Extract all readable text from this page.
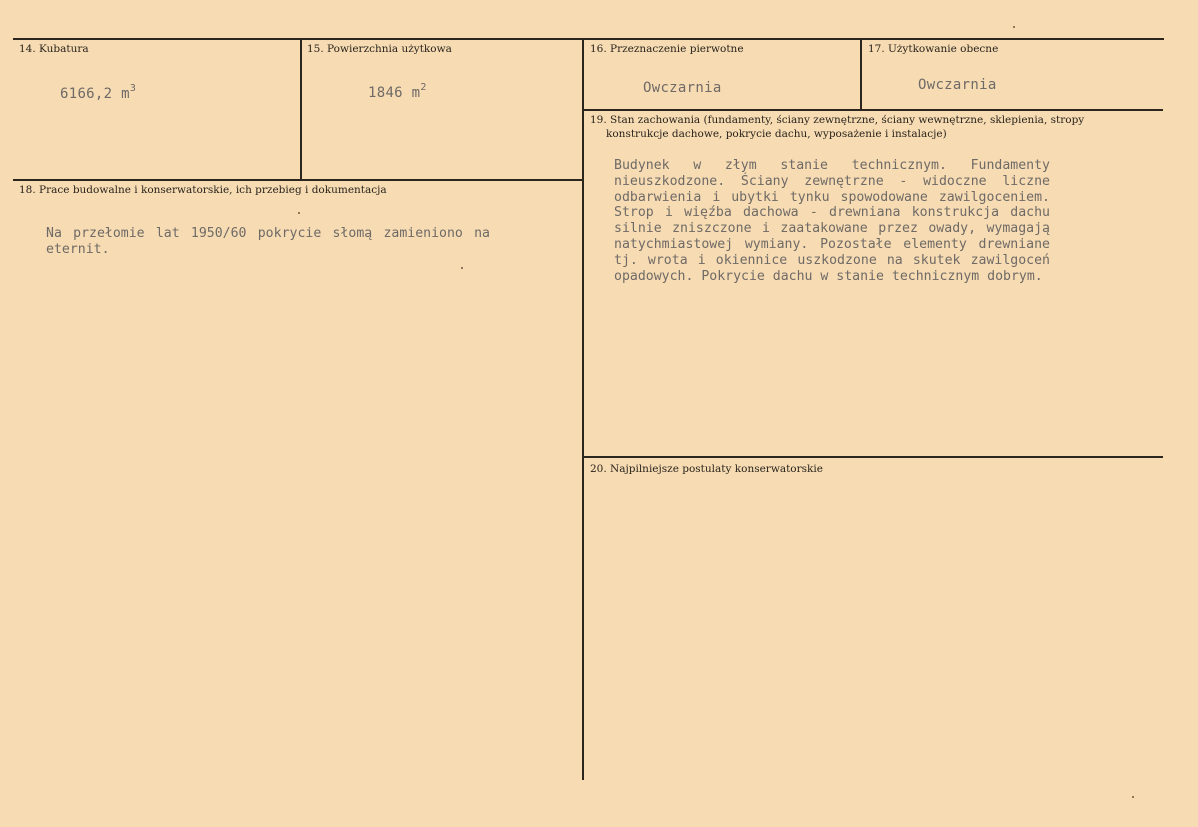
14. Kubatura
6166,2 $m^3$
15. Powierzchnia użytkowa
1846 $m^2$
16. Przeznaczenie pierwotne
Owczarnia
17. Użytkowanie obecne
Owczarnia
18. Prace budowalne i konserwatorskie, ich przebieg i dokumentacja
Na przełomie lat 1950/60 pokrycie słomą zamieniono na eternit.
19. Stan zachowania (fundamenty, ściany zewnętrzne, ściany wewnętrzne, sklepienia, stropy
konstrukcje dachowe, pokrycie dachu, wyposażenie i instalacje)
Budynek w złym stanie technicznym. Fundamenty nieuszkodzone. Ściany zewnętrzne - widoczne liczne odbarwienia i ubytki tynku spowodowane zawilgoceniem. Strop i więźba dachowa - drewniana konstrukcja dachu silnie zniszczone i zaatakowane przez owady, wymagają natychmiastowej wymiany. Pozostałe elementy drewniane tj. wrota i okiennice uszkodzone na skutek zawilgoceń opadowych. Pokrycie dachu w stanie technicznym dobrym.
20. Najpilniejsze postulaty konserwatorskie
